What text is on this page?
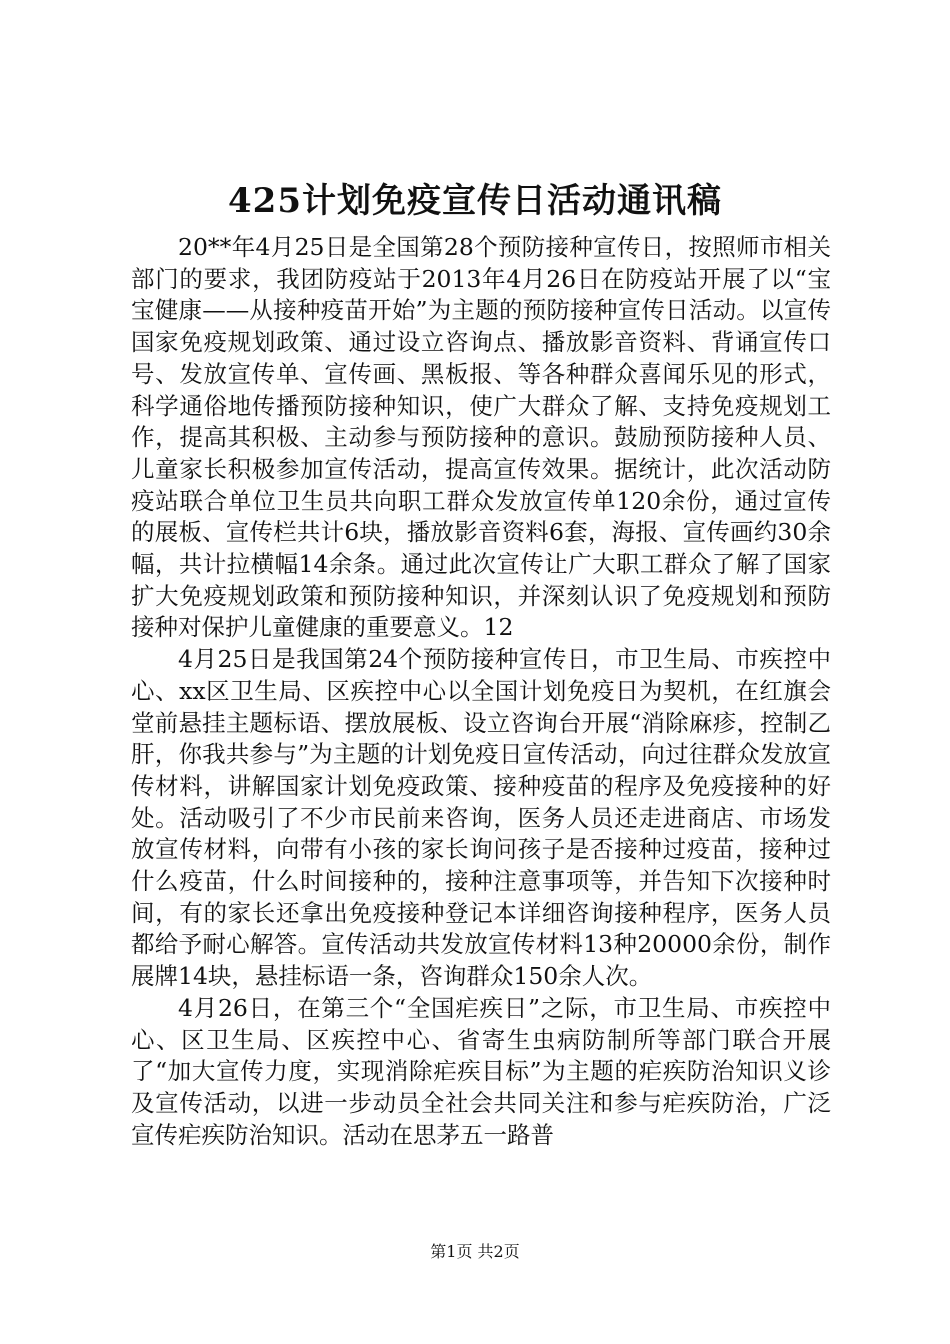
425计划免疫宣传日活动通讯稿

20**年4月25日是全国第28个预防接种宣传日，按照师市相关部门的要求，我团防疫站于2013年4月26日在防疫站开展了以“宝宝健康——从接种疫苗开始”为主题的预防接种宣传日活动。以宣传国家免疫规划政策、通过设立咨询点、播放影音资料、背诵宣传口号、发放宣传单、宣传画、黑板报、等各种群众喜闻乐见的形式，科学通俗地传播预防接种知识，使广大群众了解、支持免疫规划工作，提高其积极、主动参与预防接种的意识。鼓励预防接种人员、儿童家长积极参加宣传活动，提高宣传效果。据统计，此次活动防疫站联合单位卫生员共向职工群众发放宣传单120余份，通过宣传的展板、宣传栏共计6块，播放影音资料6套，海报、宣传画约30余幅，共计拉横幅14余条。通过此次宣传让广大职工群众了解了国家扩大免疫规划政策和预防接种知识，并深刻认识了免疫规划和预防接种对保护儿童健康的重要意义。12

4月25日是我国第24个预防接种宣传日，市卫生局、市疾控中心、xx区卫生局、区疾控中心以全国计划免疫日为契机，在红旗会堂前悬挂主题标语、摆放展板、设立咨询台开展“消除麻疹，控制乙肝，你我共参与”为主题的计划免疫日宣传活动，向过往群众发放宣传材料，讲解国家计划免疫政策、接种疫苗的程序及免疫接种的好处。活动吸引了不少市民前来咨询，医务人员还走进商店、市场发放宣传材料，向带有小孩的家长询问孩子是否接种过疫苗，接种过什么疫苗，什么时间接种的，接种注意事项等，并告知下次接种时间，有的家长还拿出免疫接种登记本详细咨询接种程序，医务人员都给予耐心解答。宣传活动共发放宣传材料13种20000余份，制作展牌14块，悬挂标语一条，咨询群众150余人次。

4月26日，在第三个“全国疟疾日”之际，市卫生局、市疾控中心、区卫生局、区疾控中心、省寄生虫病防制所等部门联合开展了“加大宣传力度，实现消除疟疾目标”为主题的疟疾防治知识义诊及宣传活动，以进一步动员全社会共同关注和参与疟疾防治，广泛宣传疟疾防治知识。活动在思茅五一路普

第1页 共2页
